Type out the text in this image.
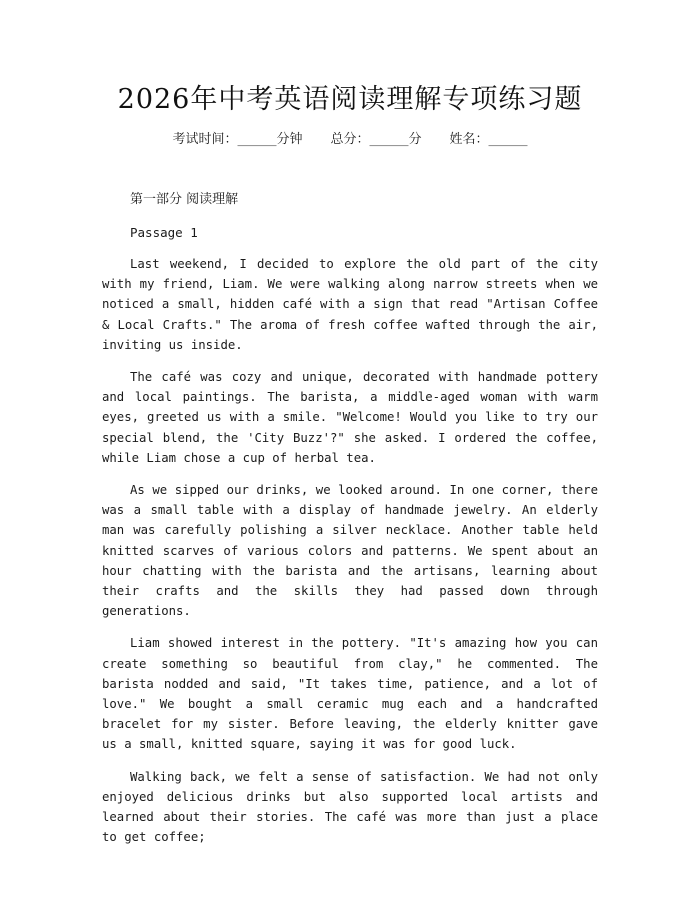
2026年中考英语阅读理解专项练习题
考试时间：______分钟 总分：______分 姓名：______
第一部分 阅读理解
Passage 1

Last weekend, I decided to explore the old part of the city with my friend, Liam. We were walking along narrow streets when we noticed a small, hidden café with a sign that read "Artisan Coffee & Local Crafts." The aroma of fresh coffee wafted through the air, inviting us inside.

The café was cozy and unique, decorated with handmade pottery and local paintings. The barista, a middle-aged woman with warm eyes, greeted us with a smile. "Welcome! Would you like to try our special blend, the 'City Buzz'?" she asked. I ordered the coffee, while Liam chose a cup of herbal tea.

As we sipped our drinks, we looked around. In one corner, there was a small table with a display of handmade jewelry. An elderly man was carefully polishing a silver necklace. Another table held knitted scarves of various colors and patterns. We spent about an hour chatting with the barista and the artisans, learning about their crafts and the skills they had passed down through generations.

Liam showed interest in the pottery. "It's amazing how you can create something so beautiful from clay," he commented. The barista nodded and said, "It takes time, patience, and a lot of love." We bought a small ceramic mug each and a handcrafted bracelet for my sister. Before leaving, the elderly knitter gave us a small, knitted square, saying it was for good luck.

Walking back, we felt a sense of satisfaction. We had not only enjoyed delicious drinks but also supported local artists and learned about their stories. The café was more than just a place to get coffee;
